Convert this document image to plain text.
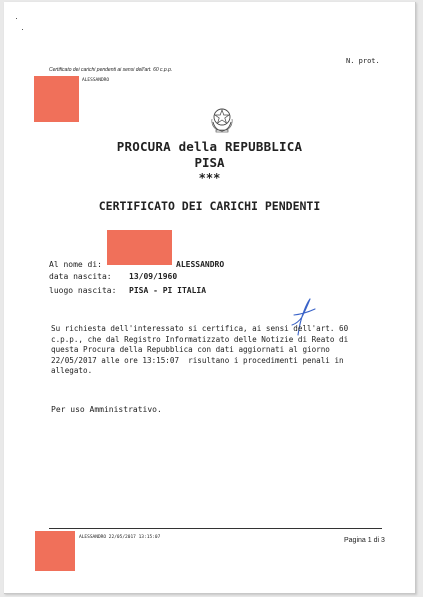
N. prot.
Certificato dei carichi pendenti ai sensi dell'art. 60 c.p.p.
ALESSANDRO
PROCURA della REPUBBLICA
PISA
***
CERTIFICATO DEI CARICHI PENDENTI
Al nome di:	ALESSANDRO
data nascita: 13/09/1960
luogo nascita: PISA - PI ITALIA
Su richiesta dell'interessato si certifica, ai sensi dell'art. 60
c.p.p., che dal Registro Informatizzato delle Notizie di Reato di
questa Procura della Repubblica con dati aggiornati al giorno
22/05/2017 alle ore 13:15:07  risultano i procedimenti penali in
allegato.
Per uso Amministrativo.
ALESSANDRO 22/05/2017 13:15:07	Pagina 1 di 3
